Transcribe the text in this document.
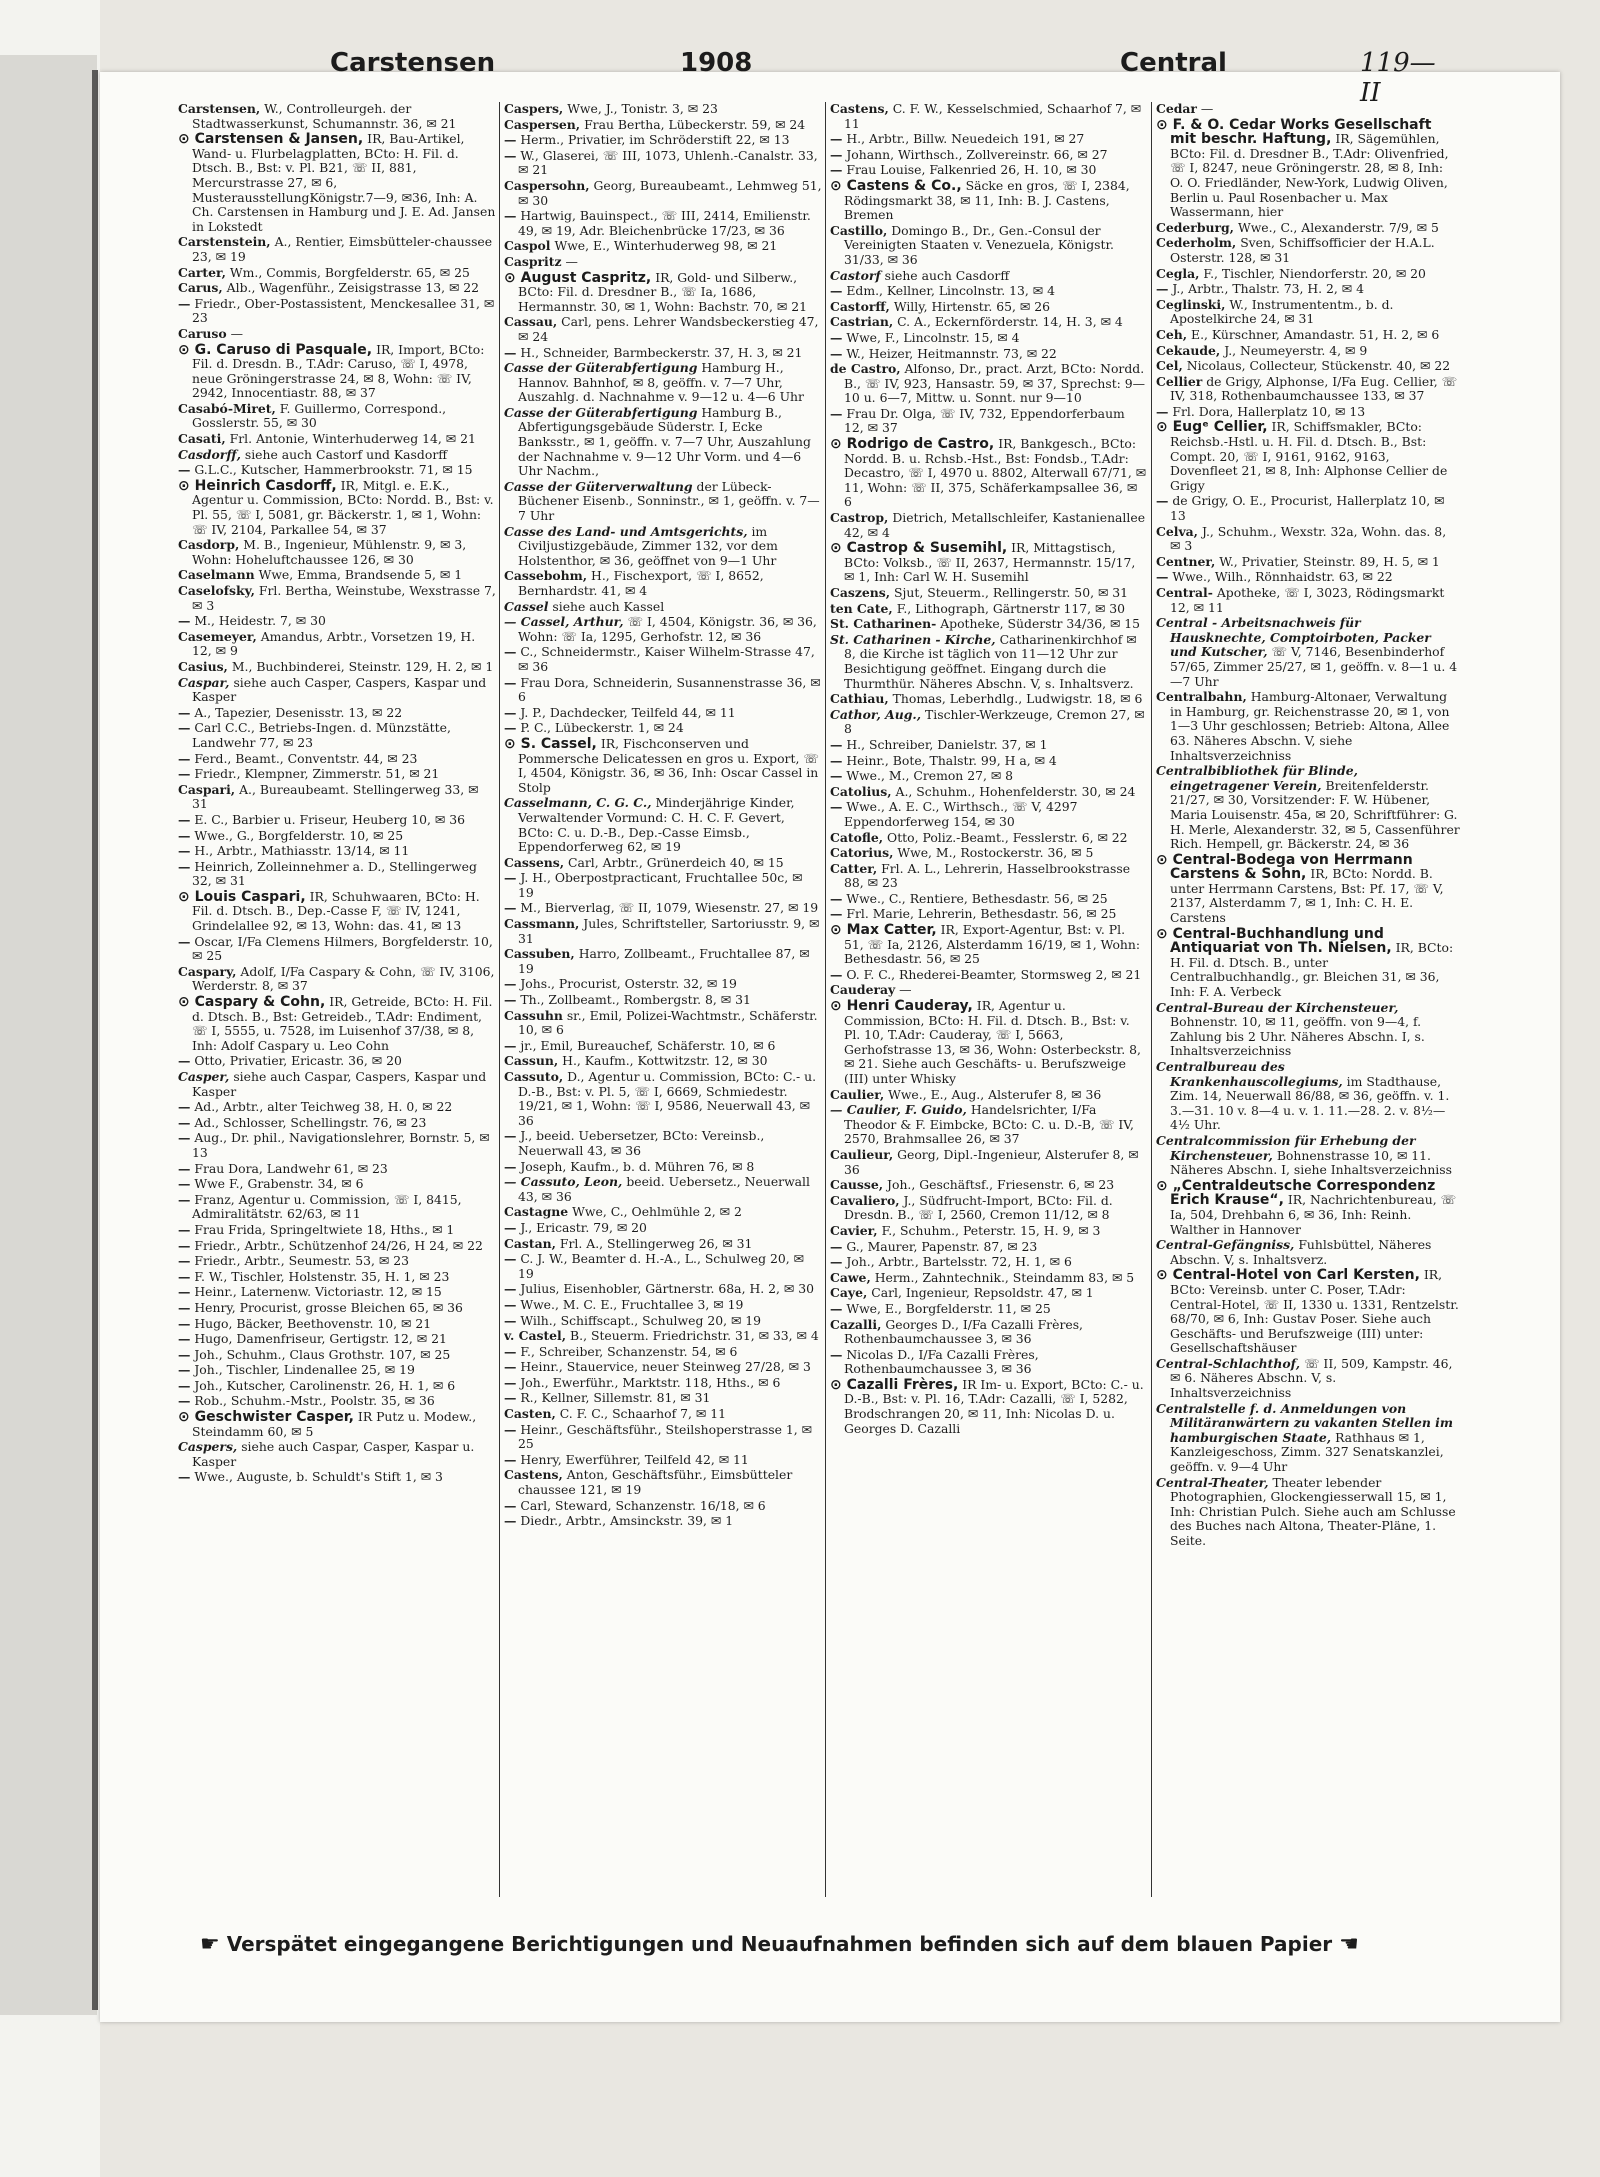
Carstensen	1908	Central	119—II
Carstensen, W., Controlleurgeh. der Stadtwasserkunst, Schumannstr. 36, ✉ 21
⊙ Carstensen & Jansen, IR, Bau-Artikel, Wand- u. Flurbelagplatten, BCto: H. Fil. d. Dtsch. B., Bst: v. Pl. B21, ☏ II, 881, Mercurstrasse 27, ✉ 6, MusterausstellungKönigstr.7—9, ✉36, Inh: A. Ch. Carstensen in Hamburg und J. E. Ad. Jansen in Lokstedt
Carstenstein, A., Rentier, Eimsbütteler-chaussee 23, ✉ 19
Carter, Wm., Commis, Borgfelderstr. 65, ✉ 25
Carus, Alb., Wagenführ., Zeisigstrasse 13, ✉ 22
— Friedr., Ober-Postassistent, Menckesallee 31, ✉ 23
Caruso —
⊙ G. Caruso di Pasquale, IR, Import, BCto: Fil. d. Dresdn. B., T.Adr: Caruso, ☏ I, 4978, neue Gröningerstrasse 24, ✉ 8, Wohn: ☏ IV, 2942, Innocentiastr. 88, ✉ 37
Casabó-Miret, F. Guillermo, Correspond., Gosslerstr. 55, ✉ 30
Casati, Frl. Antonie, Winterhuderweg 14, ✉ 21
Casdorff, siehe auch Castorf und Kasdorff
— G.L.C., Kutscher, Hammerbrookstr. 71, ✉ 15
⊙ Heinrich Casdorff, IR, Mitgl. e. E.K., Agentur u. Commission, BCto: Nordd. B., Bst: v. Pl. 55, ☏ I, 5081, gr. Bäckerstr. 1, ✉ 1, Wohn: ☏ IV, 2104, Parkallee 54, ✉ 37
Casdorp, M. B., Ingenieur, Mühlenstr. 9, ✉ 3, Wohn: Hoheluftchaussee 126, ✉ 30
Caselmann Wwe, Emma, Brandsende 5, ✉ 1
Caselofsky, Frl. Bertha, Weinstube, Wexstrasse 7, ✉ 3
— M., Heidestr. 7, ✉ 30
Casemeyer, Amandus, Arbtr., Vorsetzen 19, H. 12, ✉ 9
Casius, M., Buchbinderei, Steinstr. 129, H. 2, ✉ 1
Caspar, siehe auch Casper, Caspers, Kaspar und Kasper
— A., Tapezier, Desenisstr. 13, ✉ 22
— Carl C.C., Betriebs-Ingen. d. Münzstätte, Landwehr 77, ✉ 23
— Ferd., Beamt., Conventstr. 44, ✉ 23
— Friedr., Klempner, Zimmerstr. 51, ✉ 21
Caspari, A., Bureaubeamt. Stellingerweg 33, ✉ 31
— E. C., Barbier u. Friseur, Heuberg 10, ✉ 36
— Wwe., G., Borgfelderstr. 10, ✉ 25
— H., Arbtr., Mathiasstr. 13/14, ✉ 11
— Heinrich, Zolleinnehmer a. D., Stellingerweg 32, ✉ 31
⊙ Louis Caspari, IR, Schuhwaaren, BCto: H. Fil. d. Dtsch. B., Dep.-Casse F, ☏ IV, 1241, Grindelallee 92, ✉ 13, Wohn: das. 41, ✉ 13
— Oscar, I/Fa Clemens Hilmers, Borgfelderstr. 10, ✉ 25
Caspary, Adolf, I/Fa Caspary & Cohn, ☏ IV, 3106, Werderstr. 8, ✉ 37
⊙ Caspary & Cohn, IR, Getreide, BCto: H. Fil. d. Dtsch. B., Bst: Getreideb., T.Adr: Endiment, ☏ I, 5555, u. 7528, im Luisenhof 37/38, ✉ 8, Inh: Adolf Caspary u. Leo Cohn
— Otto, Privatier, Ericastr. 36, ✉ 20
Casper, siehe auch Caspar, Caspers, Kaspar und Kasper
— Ad., Arbtr., alter Teichweg 38, H. 0, ✉ 22
— Ad., Schlosser, Schellingstr. 76, ✉ 23
— Aug., Dr. phil., Navigationslehrer, Bornstr. 5, ✉ 13
— Frau Dora, Landwehr 61, ✉ 23
— Wwe F., Grabenstr. 34, ✉ 6
— Franz, Agentur u. Commission, ☏ I, 8415, Admiralitätstr. 62/63, ✉ 11
— Frau Frida, Springeltwiete 18, Hths., ✉ 1
— Friedr., Arbtr., Schützenhof 24/26, H 24, ✉ 22
— Friedr., Arbtr., Seumestr. 53, ✉ 23
— F. W., Tischler, Holstenstr. 35, H. 1, ✉ 23
— Heinr., Laternenw. Victoriastr. 12, ✉ 15
— Henry, Procurist, grosse Bleichen 65, ✉ 36
— Hugo, Bäcker, Beethovenstr. 10, ✉ 21
— Hugo, Damenfriseur, Gertigstr. 12, ✉ 21
— Joh., Schuhm., Claus Grothstr. 107, ✉ 25
— Joh., Tischler, Lindenallee 25, ✉ 19
— Joh., Kutscher, Carolinenstr. 26, H. 1, ✉ 6
— Rob., Schuhm.-Mstr., Poolstr. 35, ✉ 36
⊙ Geschwister Casper, IR Putz u. Modew., Steindamm 60, ✉ 5
Caspers, siehe auch Caspar, Casper, Kaspar u. Kasper
— Wwe., Auguste, b. Schuldt's Stift 1, ✉ 3
Caspers, Wwe, J., Tonistr. 3, ✉ 23
Caspersen, Frau Bertha, Lübeckerstr. 59, ✉ 24
— Herm., Privatier, im Schröderstift 22, ✉ 13
— W., Glaserei, ☏ III, 1073, Uhlenh.-Canalstr. 33, ✉ 21
Caspersohn, Georg, Bureaubeamt., Lehmweg 51, ✉ 30
— Hartwig, Bauinspect., ☏ III, 2414, Emilienstr. 49, ✉ 19, Adr. Bleichenbrücke 17/23, ✉ 36
Caspol Wwe, E., Winterhuderweg 98, ✉ 21
Caspritz —
⊙ August Caspritz, IR, Gold- und Silberw., BCto: Fil. d. Dresdner B., ☏ Ia, 1686, Hermannstr. 30, ✉ 1, Wohn: Bachstr. 70, ✉ 21
Cassau, Carl, pens. Lehrer Wandsbeckerstieg 47, ✉ 24
— H., Schneider, Barmbeckerstr. 37, H. 3, ✉ 21
Casse der Güterabfertigung Hamburg H., Hannov. Bahnhof, ✉ 8, geöffn. v. 7—7 Uhr, Auszahlg. d. Nachnahme v. 9—12 u. 4—6 Uhr
Casse der Güterabfertigung Hamburg B., Abfertigungsgebäude Süderstr. I, Ecke Banksstr., ✉ 1, geöffn. v. 7—7 Uhr, Auszahlung der Nachnahme v. 9—12 Uhr Vorm. und 4—6 Uhr Nachm.,
Casse der Güterverwaltung der Lübeck-Büchener Eisenb., Sonninstr., ✉ 1, geöffn. v. 7—7 Uhr
Casse des Land- und Amtsgerichts, im Civiljustizgebäude, Zimmer 132, vor dem Holstenthor, ✉ 36, geöffnet von 9—1 Uhr
Cassebohm, H., Fischexport, ☏ I, 8652, Bernhardstr. 41, ✉ 4
Cassel siehe auch Kassel
— Cassel, Arthur, ☏ I, 4504, Königstr. 36, ✉ 36, Wohn: ☏ Ia, 1295, Gerhofstr. 12, ✉ 36
— C., Schneidermstr., Kaiser Wilhelm-Strasse 47, ✉ 36
— Frau Dora, Schneiderin, Susannenstrasse 36, ✉ 6
— J. P., Dachdecker, Teilfeld 44, ✉ 11
— P. C., Lübeckerstr. 1, ✉ 24
⊙ S. Cassel, IR, Fischconserven und Pommersche Delicatessen en gros u. Export, ☏ I, 4504, Königstr. 36, ✉ 36, Inh: Oscar Cassel in Stolp
Casselmann, C. G. C., Minderjährige Kinder, Verwaltender Vormund: C. H. C. F. Gevert, BCto: C. u. D.-B., Dep.-Casse Eimsb., Eppendorferweg 62, ✉ 19
Cassens, Carl, Arbtr., Grünerdeich 40, ✉ 15
— J. H., Oberpostpracticant, Fruchtallee 50c, ✉ 19
— M., Bierverlag, ☏ II, 1079, Wiesenstr. 27, ✉ 19
Cassmann, Jules, Schriftsteller, Sartoriusstr. 9, ✉ 31
Cassuben, Harro, Zollbeamt., Fruchtallee 87, ✉ 19
— Johs., Procurist, Osterstr. 32, ✉ 19
— Th., Zollbeamt., Rombergstr. 8, ✉ 31
Cassuhn sr., Emil, Polizei-Wachtmstr., Schäferstr. 10, ✉ 6
— jr., Emil, Bureauchef, Schäferstr. 10, ✉ 6
Cassun, H., Kaufm., Kottwitzstr. 12, ✉ 30
Cassuto, D., Agentur u. Commission, BCto: C.- u. D.-B., Bst: v. Pl. 5, ☏ I, 6669, Schmiedestr. 19/21, ✉ 1, Wohn: ☏ I, 9586, Neuerwall 43, ✉ 36
— J., beeid. Uebersetzer, BCto: Vereinsb., Neuerwall 43, ✉ 36
— Joseph, Kaufm., b. d. Mühren 76, ✉ 8
— Cassuto, Leon, beeid. Uebersetz., Neuerwall 43, ✉ 36
Castagne Wwe, C., Oehlmühle 2, ✉ 2
— J., Ericastr. 79, ✉ 20
Castan, Frl. A., Stellingerweg 26, ✉ 31
— C. J. W., Beamter d. H.-A., L., Schulweg 20, ✉ 19
— Julius, Eisenhobler, Gärtnerstr. 68a, H. 2, ✉ 30
— Wwe., M. C. E., Fruchtallee 3, ✉ 19
— Wilh., Schiffscapt., Schulweg 20, ✉ 19
v. Castel, B., Steuerm. Friedrichstr. 31, ✉ 33, ✉ 4
— F., Schreiber, Schanzenstr. 54, ✉ 6
— Heinr., Stauervice, neuer Steinweg 27/28, ✉ 3
— Joh., Ewerführ., Marktstr. 118, Hths., ✉ 6
— R., Kellner, Sillemstr. 81, ✉ 31
Casten, C. F. C., Schaarhof 7, ✉ 11
— Heinr., Geschäftsführ., Steilshoperstrasse 1, ✉ 25
— Henry, Ewerführer, Teilfeld 42, ✉ 11
Castens, Anton, Geschäftsführ., Eimsbütteler chaussee 121, ✉ 19
— Carl, Steward, Schanzenstr. 16/18, ✉ 6
— Diedr., Arbtr., Amsinckstr. 39, ✉ 1
Castens, C. F. W., Kesselschmied, Schaarhof 7, ✉ 11
— H., Arbtr., Billw. Neuedeich 191, ✉ 27
— Johann, Wirthsch., Zollvereinstr. 66, ✉ 27
— Frau Louise, Falkenried 26, H. 10, ✉ 30
⊙ Castens & Co., Säcke en gros, ☏ I, 2384, Rödingsmarkt 38, ✉ 11, Inh: B. J. Castens, Bremen
Castillo, Domingo B., Dr., Gen.-Consul der Vereinigten Staaten v. Venezuela, Königstr. 31/33, ✉ 36
Castorf siehe auch Casdorff
— Edm., Kellner, Lincolnstr. 13, ✉ 4
Castorff, Willy, Hirtenstr. 65, ✉ 26
Castrian, C. A., Eckernförderstr. 14, H. 3, ✉ 4
— Wwe, F., Lincolnstr. 15, ✉ 4
— W., Heizer, Heitmannstr. 73, ✉ 22
de Castro, Alfonso, Dr., pract. Arzt, BCto: Nordd. B., ☏ IV, 923, Hansastr. 59, ✉ 37, Sprechst: 9—10 u. 6—7, Mittw. u. Sonnt. nur 9—10
— Frau Dr. Olga, ☏ IV, 732, Eppendorferbaum 12, ✉ 37
⊙ Rodrigo de Castro, IR, Bankgesch., BCto: Nordd. B. u. Rchsb.-Hst., Bst: Fondsb., T.Adr: Decastro, ☏ I, 4970 u. 8802, Alterwall 67/71, ✉ 11, Wohn: ☏ II, 375, Schäferkampsallee 36, ✉ 6
Castrop, Dietrich, Metallschleifer, Kastanienallee 42, ✉ 4
⊙ Castrop & Susemihl, IR, Mittagstisch, BCto: Volksb., ☏ II, 2637, Hermannstr. 15/17, ✉ 1, Inh: Carl W. H. Susemihl
Caszens, Sjut, Steuerm., Rellingerstr. 50, ✉ 31
ten Cate, F., Lithograph, Gärtnerstr 117, ✉ 30
St. Catharinen- Apotheke, Süderstr 34/36, ✉ 15
St. Catharinen - Kirche, Catharinenkirchhof ✉ 8, die Kirche ist täglich von 11—12 Uhr zur Besichtigung geöffnet. Eingang durch die Thurmthür. Näheres Abschn. V, s. Inhaltsverz.
Cathiau, Thomas, Leberhdlg., Ludwigstr. 18, ✉ 6
Cathor, Aug., Tischler-Werkzeuge, Cremon 27, ✉ 8
— H., Schreiber, Danielstr. 37, ✉ 1
— Heinr., Bote, Thalstr. 99, H a, ✉ 4
— Wwe., M., Cremon 27, ✉ 8
Catolius, A., Schuhm., Hohenfelderstr. 30, ✉ 24
— Wwe., A. E. C., Wirthsch., ☏ V, 4297 Eppendorferweg 154, ✉ 30
Catofle, Otto, Poliz.-Beamt., Fesslerstr. 6, ✉ 22
Catorius, Wwe, M., Rostockerstr. 36, ✉ 5
Catter, Frl. A. L., Lehrerin, Hasselbrookstrasse 88, ✉ 23
— Wwe., C., Rentiere, Bethesdastr. 56, ✉ 25
— Frl. Marie, Lehrerin, Bethesdastr. 56, ✉ 25
⊙ Max Catter, IR, Export-Agentur, Bst: v. Pl. 51, ☏ Ia, 2126, Alsterdamm 16/19, ✉ 1, Wohn: Bethesdastr. 56, ✉ 25
— O. F. C., Rhederei-Beamter, Stormsweg 2, ✉ 21
Cauderay —
⊙ Henri Cauderay, IR, Agentur u. Commission, BCto: H. Fil. d. Dtsch. B., Bst: v. Pl. 10, T.Adr: Cauderay, ☏ I, 5663, Gerhofstrasse 13, ✉ 36, Wohn: Osterbeckstr. 8, ✉ 21. Siehe auch Geschäfts- u. Berufszweige (III) unter Whisky
Caulier, Wwe., E., Aug., Alsterufer 8, ✉ 36
— Caulier, F. Guido, Handelsrichter, I/Fa Theodor & F. Eimbcke, BCto: C. u. D.-B, ☏ IV, 2570, Brahmsallee 26, ✉ 37
Caulieur, Georg, Dipl.-Ingenieur, Alsterufer 8, ✉ 36
Causse, Joh., Geschäftsf., Friesenstr. 6, ✉ 23
Cavaliero, J., Südfrucht-Import, BCto: Fil. d. Dresdn. B., ☏ I, 2560, Cremon 11/12, ✉ 8
Cavier, F., Schuhm., Peterstr. 15, H. 9, ✉ 3
— G., Maurer, Papenstr. 87, ✉ 23
— Joh., Arbtr., Bartelsstr. 72, H. 1, ✉ 6
Cawe, Herm., Zahntechnik., Steindamm 83, ✉ 5
Caye, Carl, Ingenieur, Repsoldstr. 47, ✉ 1
— Wwe, E., Borgfelderstr. 11, ✉ 25
Cazalli, Georges D., I/Fa Cazalli Frères, Rothenbaumchaussee 3, ✉ 36
— Nicolas D., I/Fa Cazalli Frères, Rothenbaumchaussee 3, ✉ 36
⊙ Cazalli Frères, IR Im- u. Export, BCto: C.- u. D.-B., Bst: v. Pl. 16, T.Adr: Cazalli, ☏ I, 5282, Brodschrangen 20, ✉ 11, Inh: Nicolas D. u. Georges D. Cazalli
Cedar —
⊙ F. & O. Cedar Works Gesellschaft mit beschr. Haftung, IR, Sägemühlen, BCto: Fil. d. Dresdner B., T.Adr: Olivenfried, ☏ I, 8247, neue Gröningerstr. 28, ✉ 8, Inh: O. O. Friedländer, New-York, Ludwig Oliven, Berlin u. Paul Rosenbacher u. Max Wassermann, hier
Cederburg, Wwe., C., Alexanderstr. 7/9, ✉ 5
Cederholm, Sven, Schiffsofficier der H.A.L. Osterstr. 128, ✉ 31
Cegla, F., Tischler, Niendorferstr. 20, ✉ 20
— J., Arbtr., Thalstr. 73, H. 2, ✉ 4
Ceglinski, W., Instrumententm., b. d. Apostelkirche 24, ✉ 31
Ceh, E., Kürschner, Amandastr. 51, H. 2, ✉ 6
Cekaude, J., Neumeyerstr. 4, ✉ 9
Cel, Nicolaus, Collecteur, Stückenstr. 40, ✉ 22
Cellier de Grigy, Alphonse, I/Fa Eug. Cellier, ☏ IV, 318, Rothenbaumchaussee 133, ✉ 37
— Frl. Dora, Hallerplatz 10, ✉ 13
⊙ Eugᵉ Cellier, IR, Schiffsmakler, BCto: Reichsb.-Hstl. u. H. Fil. d. Dtsch. B., Bst: Compt. 20, ☏ I, 9161, 9162, 9163, Dovenfleet 21, ✉ 8, Inh: Alphonse Cellier de Grigy
— de Grigy, O. E., Procurist, Hallerplatz 10, ✉ 13
Celva, J., Schuhm., Wexstr. 32a, Wohn. das. 8, ✉ 3
Centner, W., Privatier, Steinstr. 89, H. 5, ✉ 1
— Wwe., Wilh., Rönnhaidstr. 63, ✉ 22
Central- Apotheke, ☏ I, 3023, Rödingsmarkt 12, ✉ 11
Central - Arbeitsnachweis für Hausknechte, Comptoirboten, Packer und Kutscher, ☏ V, 7146, Besenbinderhof 57/65, Zimmer 25/27, ✉ 1, geöffn. v. 8—1 u. 4—7 Uhr
Centralbahn, Hamburg-Altonaer, Verwaltung in Hamburg, gr. Reichenstrasse 20, ✉ 1, von 1—3 Uhr geschlossen; Betrieb: Altona, Allee 63. Näheres Abschn. V, siehe Inhaltsverzeichniss
Centralbibliothek für Blinde, eingetragener Verein, Breitenfelderstr. 21/27, ✉ 30, Vorsitzender: F. W. Hübener, Maria Louisenstr. 45a, ✉ 20, Schriftführer: G. H. Merle, Alexanderstr. 32, ✉ 5, Cassenführer Rich. Hempell, gr. Bäckerstr. 24, ✉ 36
⊙ Central-Bodega von Herrmann Carstens & Sohn, IR, BCto: Nordd. B. unter Herrmann Carstens, Bst: Pf. 17, ☏ V, 2137, Alsterdamm 7, ✉ 1, Inh: C. H. E. Carstens
⊙ Central-Buchhandlung und Antiquariat von Th. Nielsen, IR, BCto: H. Fil. d. Dtsch. B., unter Centralbuchhandlg., gr. Bleichen 31, ✉ 36, Inh: F. A. Verbeck
Central-Bureau der Kirchensteuer, Bohnenstr. 10, ✉ 11, geöffn. von 9—4, f. Zahlung bis 2 Uhr. Näheres Abschn. I, s. Inhaltsverzeichniss
Centralbureau des Krankenhauscollegiums, im Stadthause, Zim. 14, Neuerwall 86/88, ✉ 36, geöffn. v. 1. 3.—31. 10 v. 8—4 u. v. 1. 11.—28. 2. v. 8½—4½ Uhr.
Centralcommission für Erhebung der Kirchensteuer, Bohnenstrasse 10, ✉ 11. Näheres Abschn. I, siehe Inhaltsverzeichniss
⊙ „Centraldeutsche Correspondenz Erich Krause“, IR, Nachrichtenbureau, ☏ Ia, 504, Drehbahn 6, ✉ 36, Inh: Reinh. Walther in Hannover
Central-Gefängniss, Fuhlsbüttel, Näheres Abschn. V, s. Inhaltsverz.
⊙ Central-Hotel von Carl Kersten, IR, BCto: Vereinsb. unter C. Poser, T.Adr: Central-Hotel, ☏ II, 1330 u. 1331, Rentzelstr. 68/70, ✉ 6, Inh: Gustav Poser. Siehe auch Geschäfts- und Berufszweige (III) unter: Gesellschaftshäuser
Central-Schlachthof, ☏ II, 509, Kampstr. 46, ✉ 6. Näheres Abschn. V, s. Inhaltsverzeichniss
Centralstelle f. d. Anmeldungen von Militäranwärtern zu vakanten Stellen im hamburgischen Staate, Rathhaus ✉ 1, Kanzleigeschoss, Zimm. 327 Senatskanzlei, geöffn. v. 9—4 Uhr
Central-Theater, Theater lebender Photographien, Glockengiesserwall 15, ✉ 1, Inh: Christian Pulch. Siehe auch am Schlusse des Buches nach Altona, Theater-Pläne, 1. Seite.
☛ Verspätet eingegangene Berichtigungen und Neuaufnahmen befinden sich auf dem blauen Papier ☚
